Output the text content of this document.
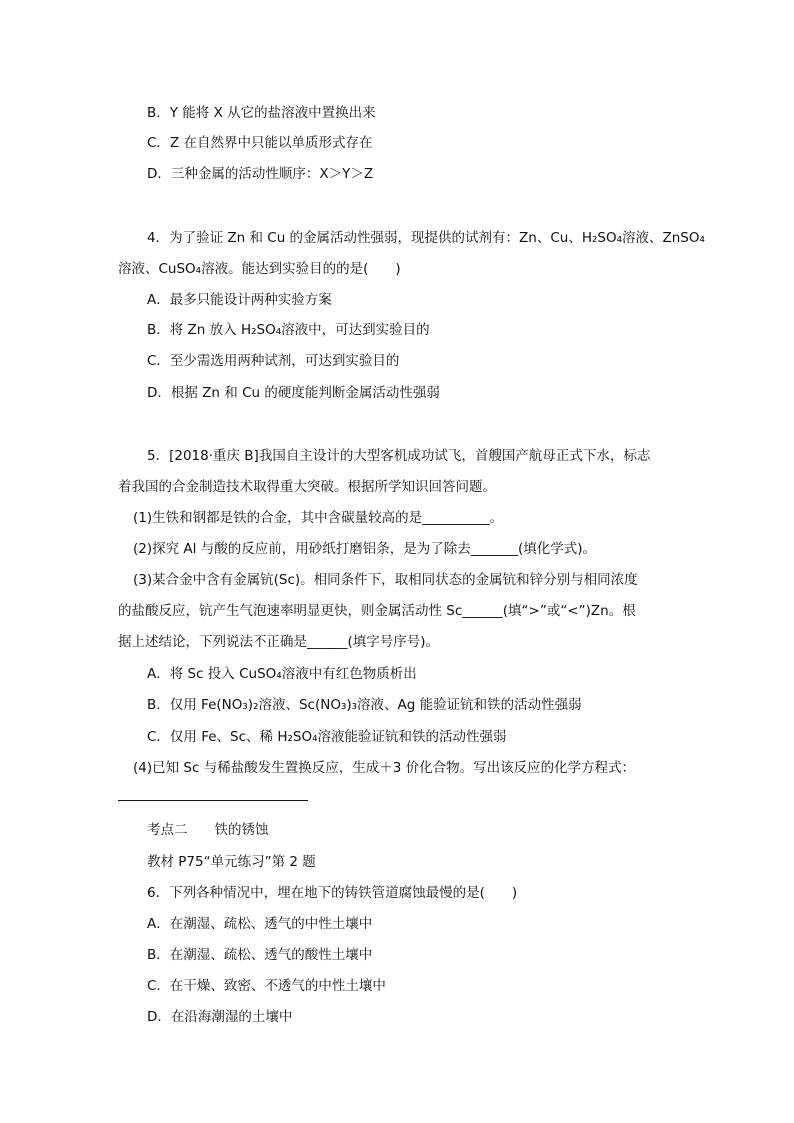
B．Y 能将 X 从它的盐溶液中置换出来
C．Z 在自然界中只能以单质形式存在
D．三种金属的活动性顺序：X＞Y＞Z
4．为了验证 Zn 和 Cu 的金属活动性强弱，现提供的试剂有：Zn、Cu、H₂SO₄溶液、ZnSO₄
溶液、CuSO₄溶液。能达到实验目的的是(　　)
A．最多只能设计两种实验方案
B．将 Zn 放入 H₂SO₄溶液中，可达到实验目的
C．至少需选用两种试剂，可达到实验目的
D．根据 Zn 和 Cu 的硬度能判断金属活动性强弱
5．[2018·重庆 B]我国自主设计的大型客机成功试飞，首艘国产航母正式下水，标志
着我国的合金制造技术取得重大突破。根据所学知识回答问题。
(1)生铁和钢都是铁的合金，其中含碳量较高的是__________。
(2)探究 Al 与酸的反应前，用砂纸打磨铝条，是为了除去_______(填化学式)。
(3)某合金中含有金属钪(Sc)。相同条件下，取相同状态的金属钪和锌分别与相同浓度
的盐酸反应，钪产生气泡速率明显更快，则金属活动性 Sc______(填“>”或“<”)Zn。根
据上述结论，下列说法不正确是______(填字号序号)。
A．将 Sc 投入 CuSO₄溶液中有红色物质析出
B．仅用 Fe(NO₃)₂溶液、Sc(NO₃)₃溶液、Ag 能验证钪和铁的活动性强弱
C．仅用 Fe、Sc、稀 H₂SO₄溶液能验证钪和铁的活动性强弱
(4)已知 Sc 与稀盐酸发生置换反应，生成＋3 价化合物。写出该反应的化学方程式：
考点二　　铁的锈蚀
教材 P75“单元练习”第 2 题
6．下列各种情况中，埋在地下的铸铁管道腐蚀最慢的是(　　)
A．在潮湿、疏松、透气的中性土壤中
B．在潮湿、疏松、透气的酸性土壤中
C．在干燥、致密、不透气的中性土壤中
D．在沿海潮湿的土壤中
